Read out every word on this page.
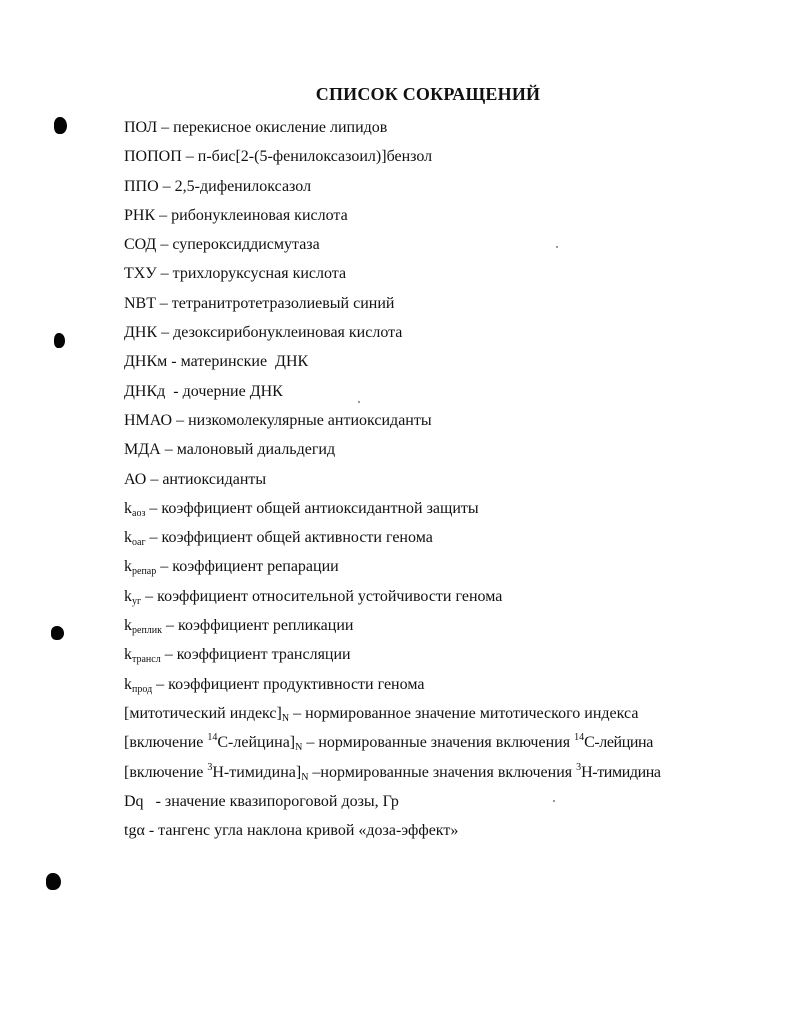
СПИСОК СОКРАЩЕНИЙ
ПОЛ – перекисное окисление липидов
ПОПОП – п-бис[2-(5-фенилоксазоил)]бензол
ППО – 2,5-дифенилоксазол
РНК – рибонуклеиновая кислота
СОД – супероксиддисмутаза
ТХУ – трихлоруксусная кислота
NBT – тетранитротетразолиевый синий
ДНК – дезоксирибонуклеиновая кислота
ДНКм - материнские  ДНК
ДНКд  - дочерние ДНК
НМАО – низкомолекулярные антиоксиданты
МДА – малоновый диальдегид
АО – антиоксиданты
$k_{аоз}$ – коэффициент общей антиоксидантной защиты
$k_{оаг}$ – коэффициент общей активности генома
$k_{репар}$ – коэффициент репарации
$k_{уг}$ – коэффициент относительной устойчивости генома
$k_{реплик}$ – коэффициент репликации
$k_{трансл}$ – коэффициент трансляции
$k_{прод}$ – коэффициент продуктивности генома
[митотический $индекс]_N$ – нормированное значение митотического индекса
[включение $^{14}С-лейцина]_N$ – нормированные значения включения $^{14}$С-лейцина
[включение $^3Н-тимидина]_N$ –нормированные значения включения $^3$Н-тимидина
Dq   - значение квазипороговой дозы, Гр
tgα - тангенс угла наклона кривой «доза-эффект»
